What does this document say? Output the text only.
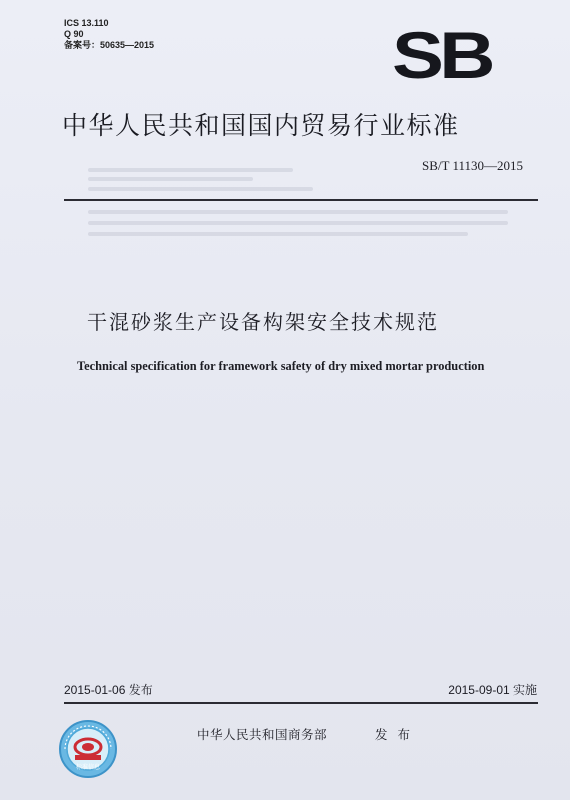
ICS 13.110
Q 90
备案号：50635—2015	SB
中华人民共和国国内贸易行业标准
SB/T 11130—2015
干混砂浆生产设备构架安全技术规范
Technical specification for framework safety of dry mixed mortar production
2015-01-06 发布	2015-09-01 实施
标准信息
中华人民共和国商务部	发 布
